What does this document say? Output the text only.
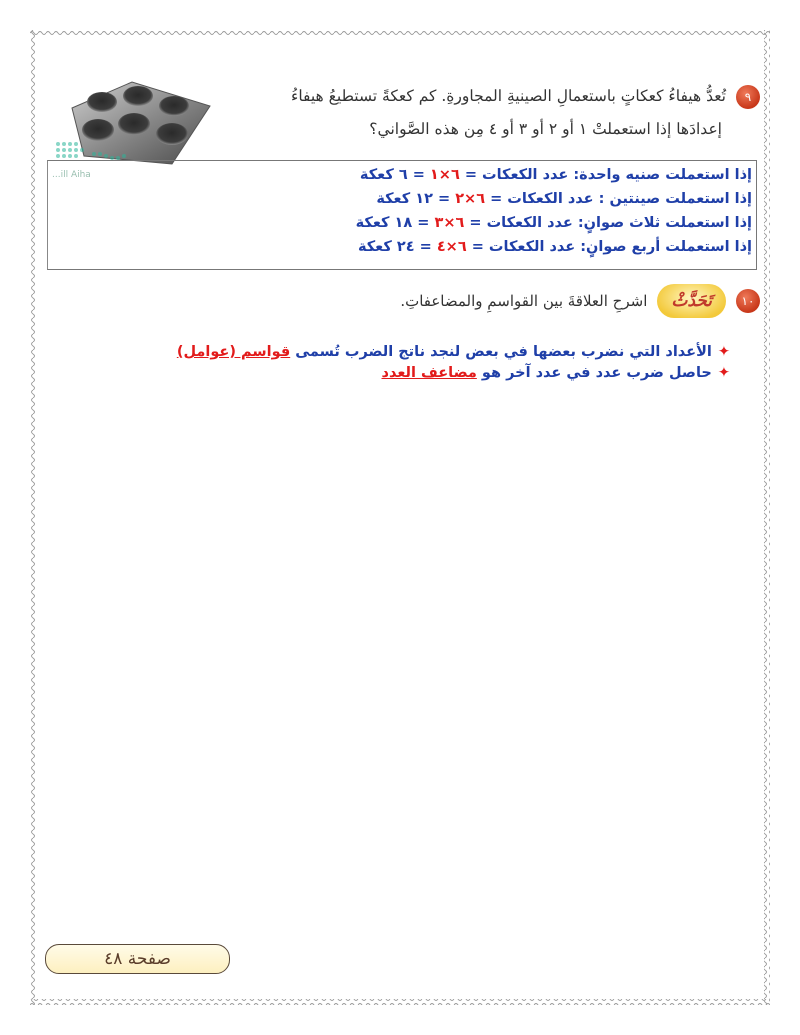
...ill Aiha
٩تُعدُّ هيفاءُ كعكاتٍ باستعمالِ الصينيةِ المجاورةِ. كم كعكةً تستطيعُ هيفاءُ
إعدادَها إذا استعملتْ ١ أو ٢ أو ٣ أو ٤ مِن هذه الصَّواني؟
إذا استعملت صنيه واحدة: عدد الكعكات = ٦×١ = ٦ كعكة
إذا استعملت صينتين : عدد الكعكات = ٦×٢ = ١٢ كعكة
إذا استعملت ثلاث صوانٍ: عدد الكعكات = ٦×٣ = ١٨ كعكة
إذا استعملت أربع صوانٍ: عدد الكعكات = ٦×٤ = ٢٤ كعكة
١٠
تَحَدَّثْ
اشرحِ العلاقةَ بين القواسمِ والمضاعفاتِ.
✦الأعداد التي نضرب بعضها في بعض لنجد ناتج الضرب تُسمى قواسم (عوامل)
✦حاصل ضرب عدد في عدد آخر هو مضاعف العدد
صفحة ٤٨
